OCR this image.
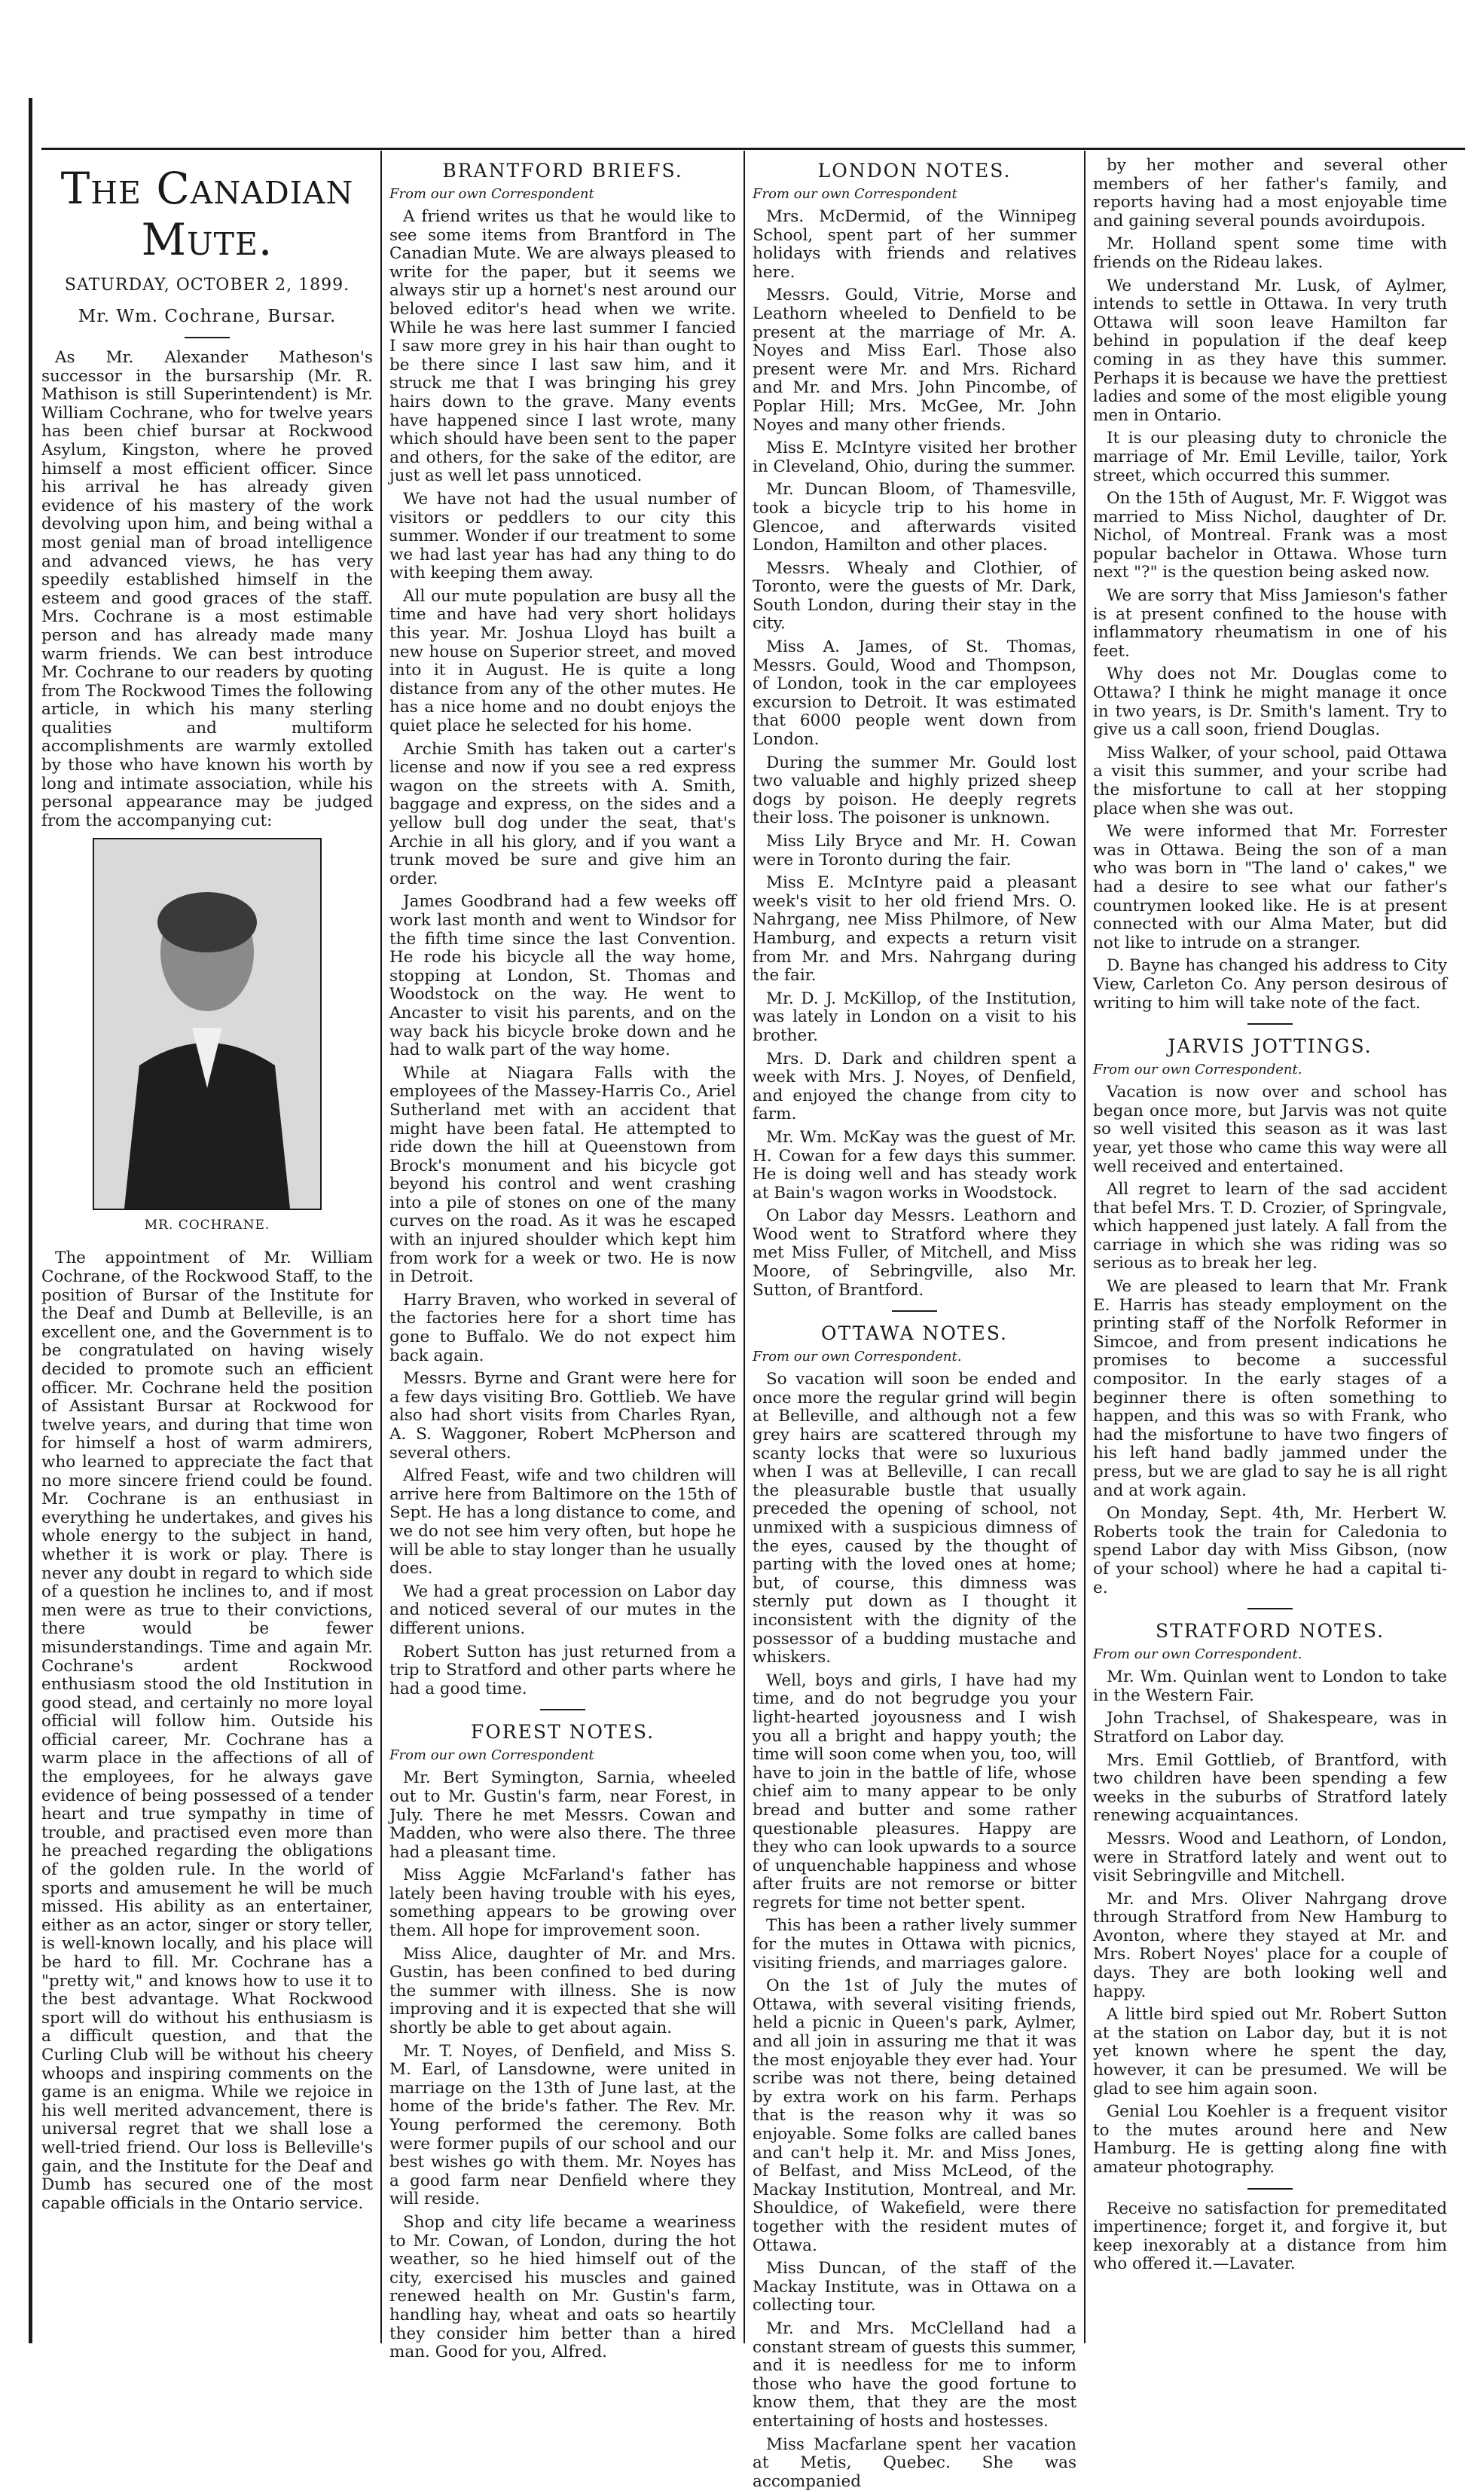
The Canadian Mute.
SATURDAY, OCTOBER 2, 1899.
Mr. Wm. Cochrane, Bursar.

As Mr. Alexander Matheson's successor in the bursarship (Mr. R. Mathison is still Superintendent) is Mr. William Cochrane, who for twelve years has been chief bursar at Rockwood Asylum, Kingston, where he proved himself a most efficient officer. Since his arrival he has already given evidence of his mastery of the work devolving upon him, and being withal a most genial man of broad intelligence and advanced views, he has very speedily established himself in the esteem and good graces of the staff. Mrs. Cochrane is a most estimable person and has already made many warm friends. We can best introduce Mr. Cochrane to our readers by quoting from The Rockwood Times the following article, in which his many sterling qualities and multiform accomplishments are warmly extolled by those who have known his worth by long and intimate association, while his personal appearance may be judged from the accompanying cut:

MR. COCHRANE.

The appointment of Mr. William Cochrane, of the Rockwood Staff, to the position of Bursar of the Institute for the Deaf and Dumb at Belleville, is an excellent one, and the Government is to be congratulated on having wisely decided to promote such an efficient officer. Mr. Cochrane held the position of Assistant Bursar at Rockwood for twelve years, and during that time won for himself a host of warm admirers, who learned to appreciate the fact that no more sincere friend could be found. Mr. Cochrane is an enthusiast in everything he undertakes, and gives his whole energy to the subject in hand, whether it is work or play. There is never any doubt in regard to which side of a question he inclines to, and if most men were as true to their convictions, there would be fewer misunderstandings. Time and again Mr. Cochrane's ardent Rockwood enthusiasm stood the old Institution in good stead, and certainly no more loyal official will follow him. Outside his official career, Mr. Cochrane has a warm place in the affections of all of the employees, for he always gave evidence of being possessed of a tender heart and true sympathy in time of trouble, and practised even more than he preached regarding the obligations of the golden rule. In the world of sports and amusement he will be much missed. His ability as an entertainer, either as an actor, singer or story teller, is well-known locally, and his place will be hard to fill. Mr. Cochrane has a "pretty wit," and knows how to use it to the best advantage. What Rockwood sport will do without his enthusiasm is a difficult question, and that the Curling Club will be without his cheery whoops and inspiring comments on the game is an enigma. While we rejoice in his well merited advancement, there is universal regret that we shall lose a well-tried friend. Our loss is Belleville's gain, and the Institute for the Deaf and Dumb has secured one of the most capable officials in the Ontario service.

BRANTFORD BRIEFS.
From our own Correspondent

A friend writes us that he would like to see some items from Brantford in The Canadian Mute. We are always pleased to write for the paper, but it seems we always stir up a hornet's nest around our beloved editor's head when we write. While he was here last summer I fancied I saw more grey in his hair than ought to be there since I last saw him, and it struck me that I was bringing his grey hairs down to the grave. Many events have happened since I last wrote, many which should have been sent to the paper and others, for the sake of the editor, are just as well let pass unnoticed.

We have not had the usual number of visitors or peddlers to our city this summer. Wonder if our treatment to some we had last year has had any thing to do with keeping them away.

All our mute population are busy all the time and have had very short holidays this year. Mr. Joshua Lloyd has built a new house on Superior street, and moved into it in August. He is quite a long distance from any of the other mutes. He has a nice home and no doubt enjoys the quiet place he selected for his home.

Archie Smith has taken out a carter's license and now if you see a red express wagon on the streets with A. Smith, baggage and express, on the sides and a yellow bull dog under the seat, that's Archie in all his glory, and if you want a trunk moved be sure and give him an order.

James Goodbrand had a few weeks off work last month and went to Windsor for the fifth time since the last Convention. He rode his bicycle all the way home, stopping at London, St. Thomas and Woodstock on the way. He went to Ancaster to visit his parents, and on the way back his bicycle broke down and he had to walk part of the way home.

While at Niagara Falls with the employees of the Massey-Harris Co., Ariel Sutherland met with an accident that might have been fatal. He attempted to ride down the hill at Queenstown from Brock's monument and his bicycle got beyond his control and went crashing into a pile of stones on one of the many curves on the road. As it was he escaped with an injured shoulder which kept him from work for a week or two. He is now in Detroit.

Harry Braven, who worked in several of the factories here for a short time has gone to Buffalo. We do not expect him back again.

Messrs. Byrne and Grant were here for a few days visiting Bro. Gottlieb. We have also had short visits from Charles Ryan, A. S. Waggoner, Robert McPherson and several others.

Alfred Feast, wife and two children will arrive here from Baltimore on the 15th of Sept. He has a long distance to come, and we do not see him very often, but hope he will be able to stay longer than he usually does.

We had a great procession on Labor day and noticed several of our mutes in the different unions.

Robert Sutton has just returned from a trip to Stratford and other parts where he had a good time.

FOREST NOTES.
From our own Correspondent

Mr. Bert Symington, Sarnia, wheeled out to Mr. Gustin's farm, near Forest, in July. There he met Messrs. Cowan and Madden, who were also there. The three had a pleasant time.

Miss Aggie McFarland's father has lately been having trouble with his eyes, something appears to be growing over them. All hope for improvement soon.

Miss Alice, daughter of Mr. and Mrs. Gustin, has been confined to bed during the summer with illness. She is now improving and it is expected that she will shortly be able to get about again.

Mr. T. Noyes, of Denfield, and Miss S. M. Earl, of Lansdowne, were united in marriage on the 13th of June last, at the home of the bride's father. The Rev. Mr. Young performed the ceremony. Both were former pupils of our school and our best wishes go with them. Mr. Noyes has a good farm near Denfield where they will reside.

Shop and city life became a weariness to Mr. Cowan, of London, during the hot weather, so he hied himself out of the city, exercised his muscles and gained renewed health on Mr. Gustin's farm, handling hay, wheat and oats so heartily they consider him better than a hired man. Good for you, Alfred.

LONDON NOTES.
From our own Correspondent

Mrs. McDermid, of the Winnipeg School, spent part of her summer holidays with friends and relatives here.

Messrs. Gould, Vitrie, Morse and Leathorn wheeled to Denfield to be present at the marriage of Mr. A. Noyes and Miss Earl. Those also present were Mr. and Mrs. Richard and Mr. and Mrs. John Pincombe, of Poplar Hill; Mrs. McGee, Mr. John Noyes and many other friends.

Miss E. McIntyre visited her brother in Cleveland, Ohio, during the summer.

Mr. Duncan Bloom, of Thamesville, took a bicycle trip to his home in Glencoe, and afterwards visited London, Hamilton and other places.

Messrs. Whealy and Clothier, of Toronto, were the guests of Mr. Dark, South London, during their stay in the city.

Miss A. James, of St. Thomas, Messrs. Gould, Wood and Thompson, of London, took in the car employees excursion to Detroit. It was estimated that 6000 people went down from London.

During the summer Mr. Gould lost two valuable and highly prized sheep dogs by poison. He deeply regrets their loss. The poisoner is unknown.

Miss Lily Bryce and Mr. H. Cowan were in Toronto during the fair.

Miss E. McIntyre paid a pleasant week's visit to her old friend Mrs. O. Nahrgang, nee Miss Philmore, of New Hamburg, and expects a return visit from Mr. and Mrs. Nahrgang during the fair.

Mr. D. J. McKillop, of the Institution, was lately in London on a visit to his brother.

Mrs. D. Dark and children spent a week with Mrs. J. Noyes, of Denfield, and enjoyed the change from city to farm.

Mr. Wm. McKay was the guest of Mr. H. Cowan for a few days this summer. He is doing well and has steady work at Bain's wagon works in Woodstock.

On Labor day Messrs. Leathorn and Wood went to Stratford where they met Miss Fuller, of Mitchell, and Miss Moore, of Sebringville, also Mr. Sutton, of Brantford.

OTTAWA NOTES.
From our own Correspondent.

So vacation will soon be ended and once more the regular grind will begin at Belleville, and although not a few grey hairs are scattered through my scanty locks that were so luxurious when I was at Belleville, I can recall the pleasurable bustle that usually preceded the opening of school, not unmixed with a suspicious dimness of the eyes, caused by the thought of parting with the loved ones at home; but, of course, this dimness was sternly put down as I thought it inconsistent with the dignity of the possessor of a budding mustache and whiskers.

Well, boys and girls, I have had my time, and do not begrudge you your light-hearted joyousness and I wish you all a bright and happy youth; the time will soon come when you, too, will have to join in the battle of life, whose chief aim to many appear to be only bread and butter and some rather questionable pleasures. Happy are they who can look upwards to a source of unquenchable happiness and whose after fruits are not remorse or bitter regrets for time not better spent.

This has been a rather lively summer for the mutes in Ottawa with picnics, visiting friends, and marriages galore.

On the 1st of July the mutes of Ottawa, with several visiting friends, held a picnic in Queen's park, Aylmer, and all join in assuring me that it was the most enjoyable they ever had. Your scribe was not there, being detained by extra work on his farm. Perhaps that is the reason why it was so enjoyable. Some folks are called banes and can't help it. Mr. and Miss Jones, of Belfast, and Miss McLeod, of the Mackay Institution, Montreal, and Mr. Shouldice, of Wakefield, were there together with the resident mutes of Ottawa.

Miss Duncan, of the staff of the Mackay Institute, was in Ottawa on a collecting tour.

Mr. and Mrs. McClelland had a constant stream of guests this summer, and it is needless for me to inform those who have the good fortune to know them, that they are the most entertaining of hosts and hostesses.

Miss Macfarlane spent her vacation at Metis, Quebec. She was accompanied

by her mother and several other members of her father's family, and reports having had a most enjoyable time and gaining several pounds avoirdupois.

Mr. Holland spent some time with friends on the Rideau lakes.

We understand Mr. Lusk, of Aylmer, intends to settle in Ottawa. In very truth Ottawa will soon leave Hamilton far behind in population if the deaf keep coming in as they have this summer. Perhaps it is because we have the prettiest ladies and some of the most eligible young men in Ontario.

It is our pleasing duty to chronicle the marriage of Mr. Emil Leville, tailor, York street, which occurred this summer.

On the 15th of August, Mr. F. Wiggot was married to Miss Nichol, daughter of Dr. Nichol, of Montreal. Frank was a most popular bachelor in Ottawa. Whose turn next "?" is the question being asked now.

We are sorry that Miss Jamieson's father is at present confined to the house with inflammatory rheumatism in one of his feet.

Why does not Mr. Douglas come to Ottawa? I think he might manage it once in two years, is Dr. Smith's lament. Try to give us a call soon, friend Douglas.

Miss Walker, of your school, paid Ottawa a visit this summer, and your scribe had the misfortune to call at her stopping place when she was out.

We were informed that Mr. Forrester was in Ottawa. Being the son of a man who was born in "The land o' cakes," we had a desire to see what our father's countrymen looked like. He is at present connected with our Alma Mater, but did not like to intrude on a stranger.

D. Bayne has changed his address to City View, Carleton Co. Any person desirous of writing to him will take note of the fact.

JARVIS JOTTINGS.
From our own Correspondent.

Vacation is now over and school has began once more, but Jarvis was not quite so well visited this season as it was last year, yet those who came this way were all well received and entertained.

All regret to learn of the sad accident that befel Mrs. T. D. Crozier, of Springvale, which happened just lately. A fall from the carriage in which she was riding was so serious as to break her leg.

We are pleased to learn that Mr. Frank E. Harris has steady employment on the printing staff of the Norfolk Reformer in Simcoe, and from present indications he promises to become a successful compositor. In the early stages of a beginner there is often something to happen, and this was so with Frank, who had the misfortune to have two fingers of his left hand badly jammed under the press, but we are glad to say he is all right and at work again.

On Monday, Sept. 4th, Mr. Herbert W. Roberts took the train for Caledonia to spend Labor day with Miss Gibson, (now of your school) where he had a capital ti- e.

STRATFORD NOTES.
From our own Correspondent.

Mr. Wm. Quinlan went to London to take in the Western Fair.

John Trachsel, of Shakespeare, was in Stratford on Labor day.

Mrs. Emil Gottlieb, of Brantford, with two children have been spending a few weeks in the suburbs of Stratford lately renewing acquaintances.

Messrs. Wood and Leathorn, of London, were in Stratford lately and went out to visit Sebringville and Mitchell.

Mr. and Mrs. Oliver Nahrgang drove through Stratford from New Hamburg to Avonton, where they stayed at Mr. and Mrs. Robert Noyes' place for a couple of days. They are both looking well and happy.

A little bird spied out Mr. Robert Sutton at the station on Labor day, but it is not yet known where he spent the day, however, it can be presumed. We will be glad to see him again soon.

Genial Lou Koehler is a frequent visitor to the mutes around here and New Hamburg. He is getting along fine with amateur photography.

Receive no satisfaction for premeditated impertinence; forget it, and forgive it, but keep inexorably at a distance from him who offered it.—Lavater.
